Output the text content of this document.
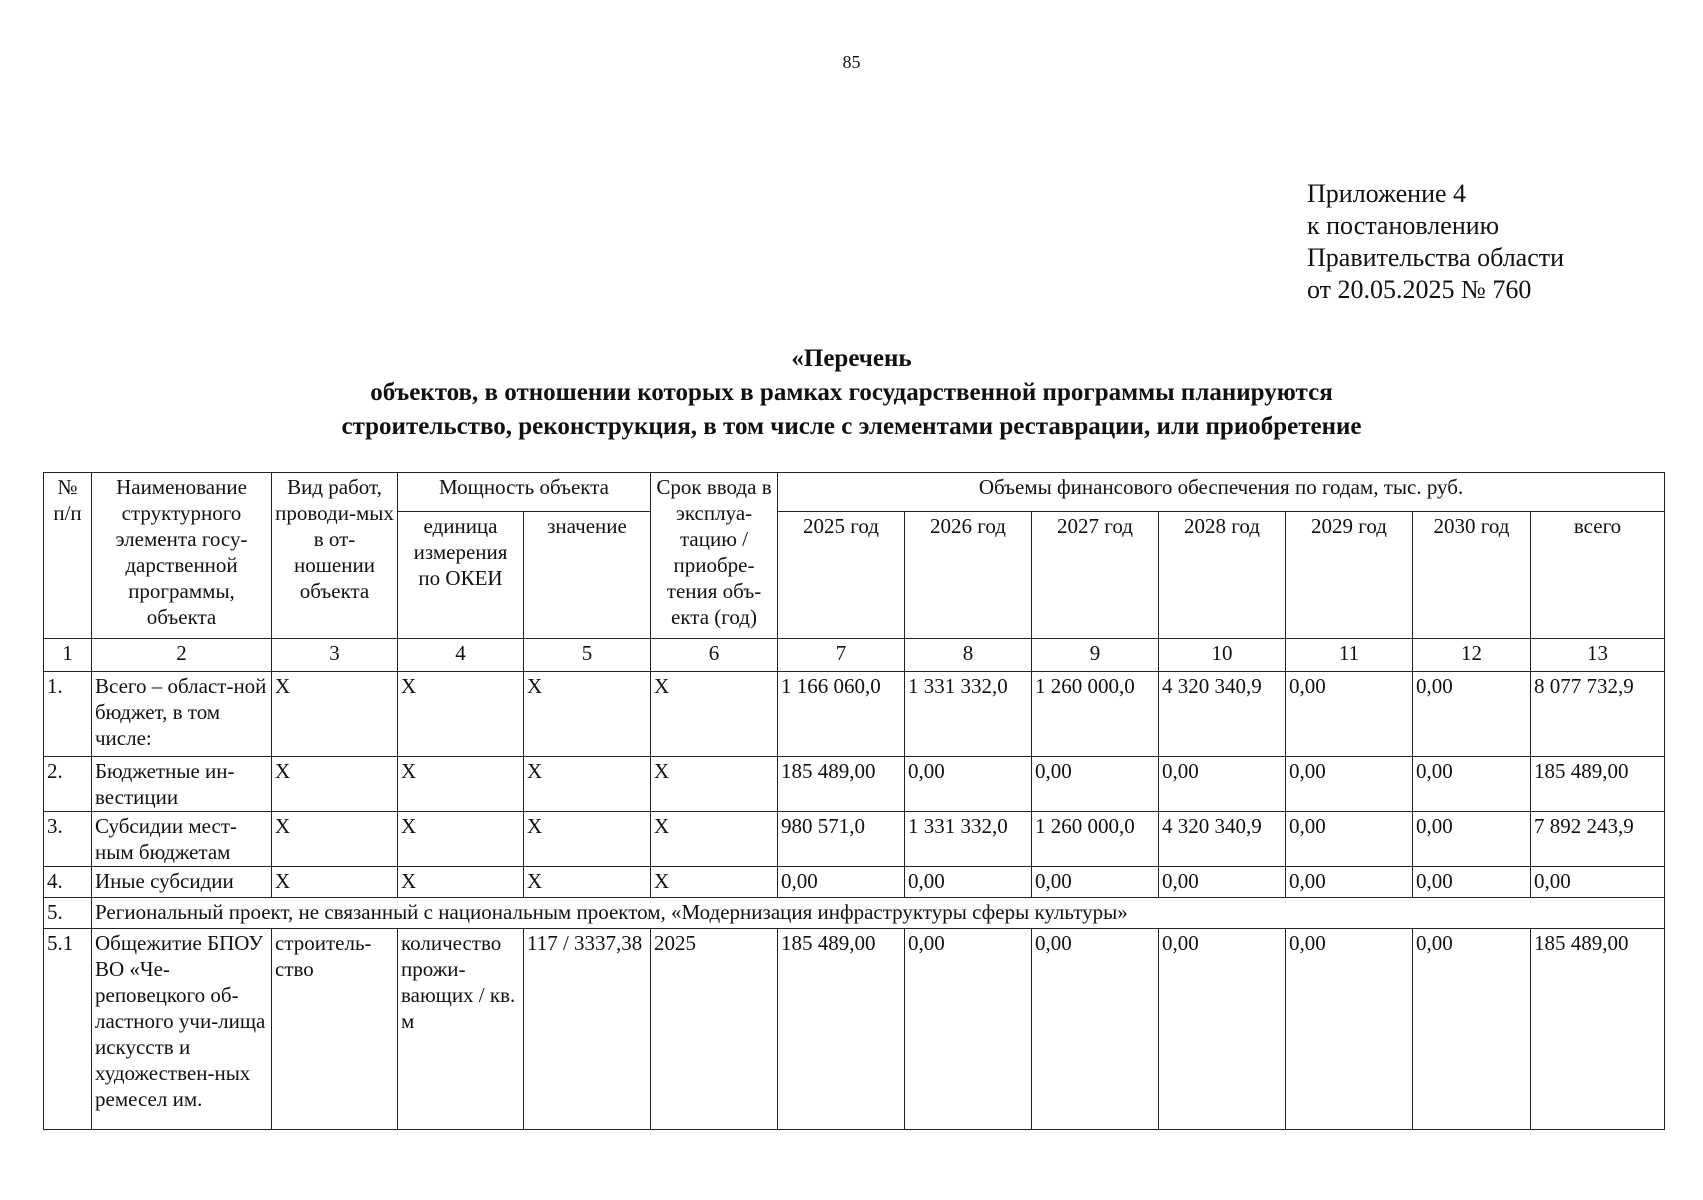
85
Приложение 4
к постановлению
Правительства области
от 20.05.2025 № 760
«Перечень
объектов, в отношении которых в рамках государственной программы планируются
строительство, реконструкция, в том числе с элементами реставрации, или приобретение
№ п/п	Наименование структурного элемента госу-дарственной программы, объекта	Вид работ, проводи-мых в от-ношении объекта	Мощность объекта		Срок ввода в эксплуа-тацию / приобре-тения объ-екта (год)	Объемы финансового обеспечения по годам, тыс. руб.						
			единица измерения по ОКЕИ	значение		2025 год	2026 год	2027 год	2028 год	2029 год	2030 год	всего
1	2	3	4	5	6	7	8	9	10	11	12	13
1.	Всего – област-ной бюджет, в том числе:	Х	Х	Х	Х	1 166 060,0	1 331 332,0	1 260 000,0	4 320 340,9	0,00	0,00	8 077 732,9
2.	Бюджетные ин-вестиции	Х	Х	Х	Х	185 489,00	0,00	0,00	0,00	0,00	0,00	185 489,00
3.	Субсидии мест-ным бюджетам	Х	Х	Х	Х	980 571,0	1 331 332,0	1 260 000,0	4 320 340,9	0,00	0,00	7 892 243,9
4.	Иные субсидии	Х	Х	Х	Х	0,00	0,00	0,00	0,00	0,00	0,00	0,00
5.	Региональный проект, не связанный с национальным проектом, «Модернизация инфраструктуры сферы культуры»											
5.1	Общежитие БПОУ ВО «Че-реповецкого об-ластного учи-лища искусств и художествен-ных ремесел им.	строитель-ство	количество прожи-вающих / кв. м	117 / 3337,38	2025	185 489,00	0,00	0,00	0,00	0,00	0,00	185 489,00
